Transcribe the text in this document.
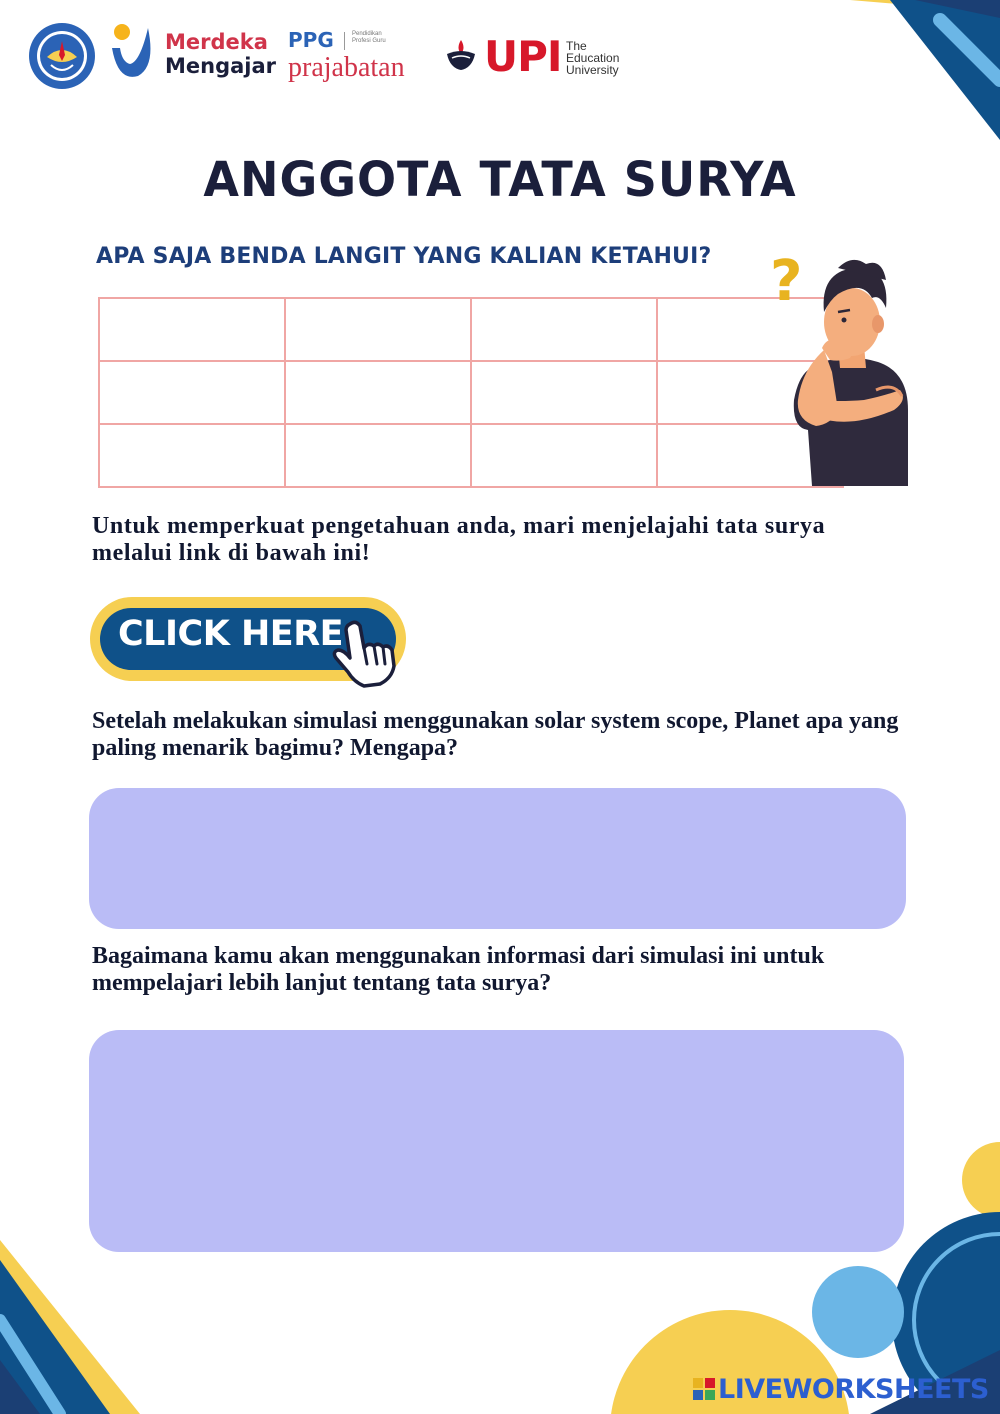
Merdeka
Mengajar
PPG	Pendidikan Profesi Guru
prajabatan UPI The Education University
ANGGOTA TATA SURYA
APA SAJA BENDA LANGIT YANG KALIAN KETAHUI?

			?
Untuk memperkuat pengetahuan anda, mari menjelajahi tata surya melalui link di bawah ini!
CLICK HERE
Setelah melakukan simulasi menggunakan solar system scope, Planet apa yang paling menarik bagimu? Mengapa?
Bagaimana kamu akan menggunakan informasi dari simulasi ini untuk mempelajari lebih lanjut tentang tata surya?
LIVEWORKSHEETS
